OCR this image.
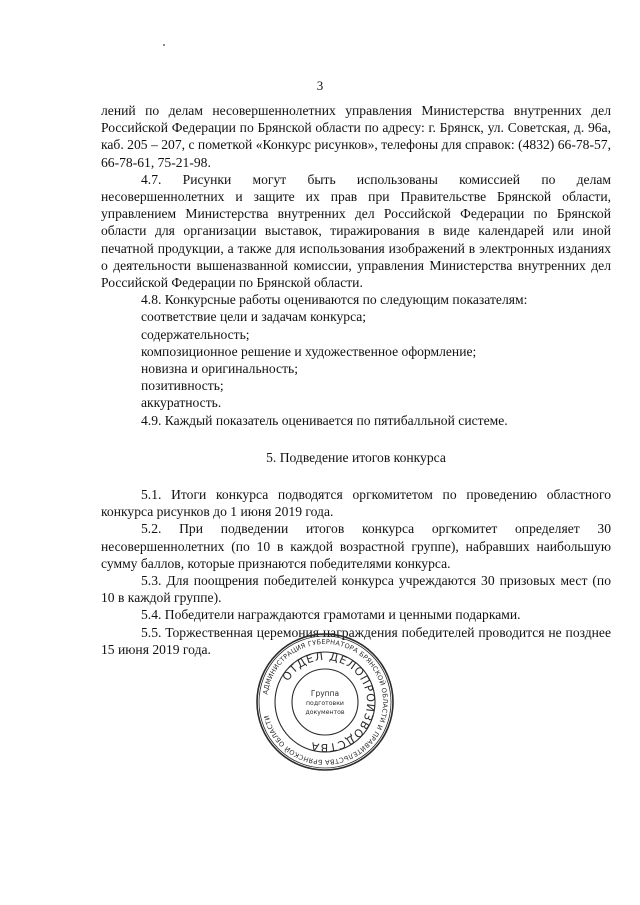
3

лений по делам несовершеннолетних управления Министерства внутренних дел Российской Федерации по Брянской области по адресу: г. Брянск, ул. Советская, д. 96а, каб. 205 – 207, с пометкой «Конкурс рисунков», телефоны для справок: (4832) 66-78-57, 66-78-61, 75-21-98.

4.7. Рисунки могут быть использованы комиссией по делам несовершеннолетних и защите их прав при Правительстве Брянской области, управлением Министерства внутренних дел Российской Федерации по Брянской области для организации выставок, тиражирования в виде календарей или иной печатной продукции, а также для использования изображений в электронных изданиях о деятельности вышеназванной комиссии, управления Министерства внутренних дел Российской Федерации по Брянской области.

4.8. Конкурсные работы оцениваются по следующим показателям:

соответствие цели и задачам конкурса;

содержательность;

композиционное решение и художественное оформление;

новизна и оригинальность;

позитивность;

аккуратность.

4.9. Каждый показатель оценивается по пятибалльной системе.

5. Подведение итогов конкурса

5.1. Итоги конкурса подводятся оргкомитетом по проведению областного конкурса рисунков до 1 июня 2019 года.

5.2. При подведении итогов конкурса оргкомитет определяет 30 несовершеннолетних (по 10 в каждой возрастной группе), набравших наибольшую сумму баллов, которые признаются победителями конкурса.

5.3. Для поощрения победителей конкурса учреждаются 30 призовых мест (по 10 в каждой группе).

5.4. Победители награждаются грамотами и ценными подарками.

5.5. Торжественная церемония награждения победителей проводится не позднее 15 июня 2019 года.

АДМИНИСТРАЦИЯ ГУБЕРНАТОРА БРЯНСКОЙ ОБЛАСТИ И ПРАВИТЕЛЬСТВА БРЯНСКОЙ ОБЛАСТИ
ОТДЕЛ ДЕЛОПРОИЗВОДСТВА
Группа
подготовки
документов
